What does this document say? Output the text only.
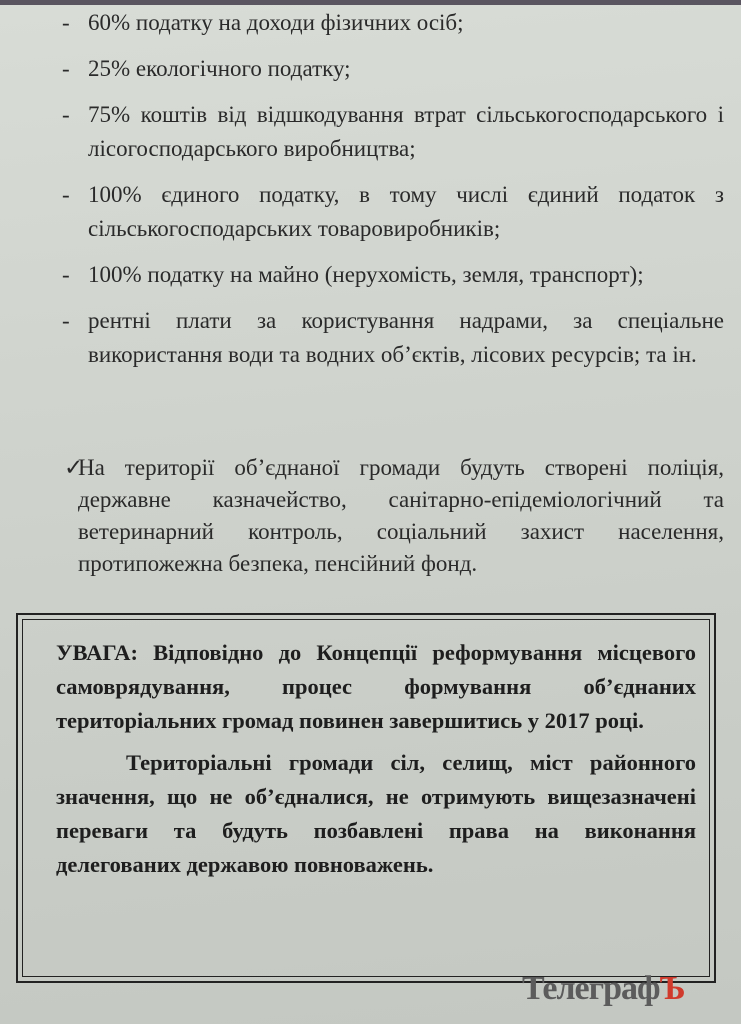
- 60% податку на доходи фізичних осіб;
- 25% екологічного податку;
- 75% коштів від відшкодування втрат сільськогосподарського і лісогосподарського виробництва;
- 100% єдиного податку, в тому числі єдиний податок з сільськогосподарських товаровиробників;
- 100% податку на майно (нерухомість, земля, транспорт);
- рентні плати за користування надрами, за спеціальне використання води та водних об’єктів, лісових ресурсів; та ін.
✓
На території об’єднаної громади будуть створені поліція, державне казначейство, санітарно-епідеміологічний та ветеринарний контроль, соціальний захист населення, протипожежна безпека, пенсійний фонд.

УВАГА: Відповідно до Концепції реформування місцевого самоврядування, процес формування об’єднаних територіальних громад повинен завершитись у 2017 році.

Територіальні громади сіл, селищ, міст районного значення, що не об’єдналися, не отримують вищезазначені переваги та будуть позбавлені права на виконання делегованих державою повноважень.

ТелеграфЪ
